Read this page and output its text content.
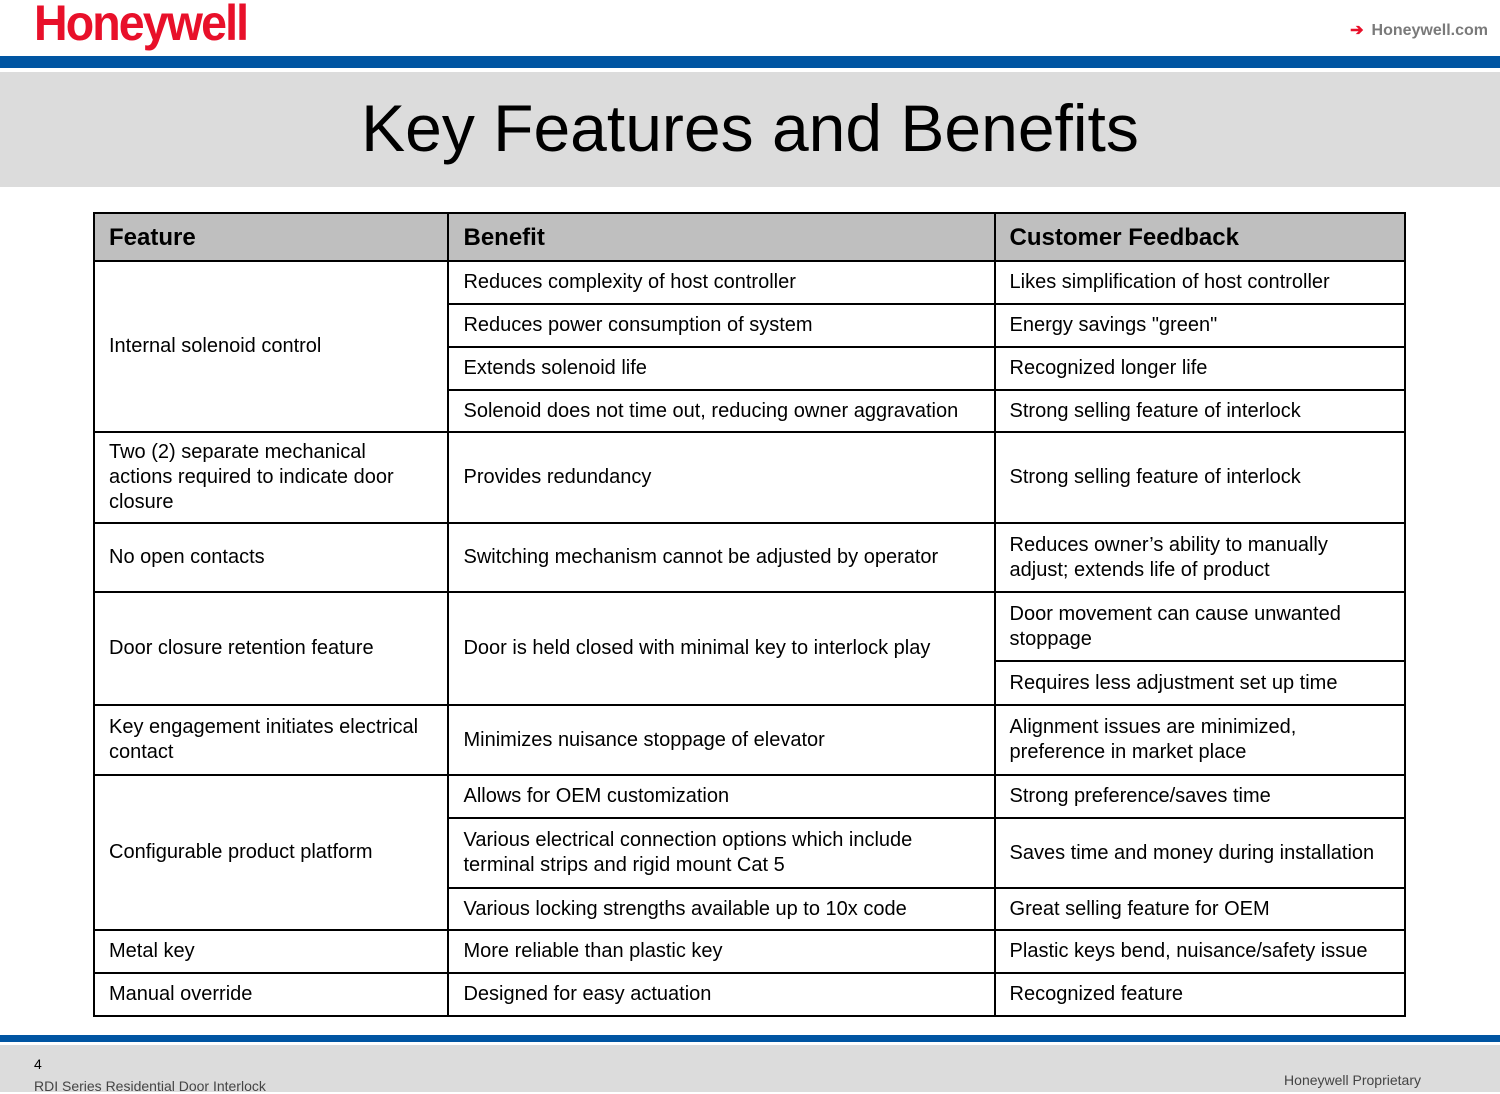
Honeywell	➔ Honeywell.com
Key Features and Benefits
Feature	Benefit	Customer Feedback
Internal solenoid control	Reduces complexity of host controller	Likes simplification of host controller
	Reduces power consumption of system	Energy savings "green"
	Extends solenoid life	Recognized longer life
	Solenoid does not time out, reducing owner aggravation	Strong selling feature of interlock
Two (2) separate mechanical actions required to indicate door closure	Provides redundancy	Strong selling feature of interlock
No open contacts	Switching mechanism cannot be adjusted by operator	Reduces owner’s ability to manually adjust; extends life of product
Door closure retention feature	Door is held closed with minimal key to interlock play	Door movement can cause unwanted stoppage
		Requires less adjustment set up time
Key engagement initiates electrical contact	Minimizes nuisance stoppage of elevator	Alignment issues are minimized, preference in market place
Configurable product platform	Allows for OEM customization	Strong preference/saves time
	Various electrical connection options which include terminal strips and rigid mount Cat 5	Saves time and money during installation
	Various locking strengths available up to 10x code	Great selling feature for OEM
Metal key	More reliable than plastic key	Plastic keys bend, nuisance/safety issue
Manual override	Designed for easy actuation	Recognized feature
4
RDI Series Residential Door Interlock	Honeywell Proprietary
